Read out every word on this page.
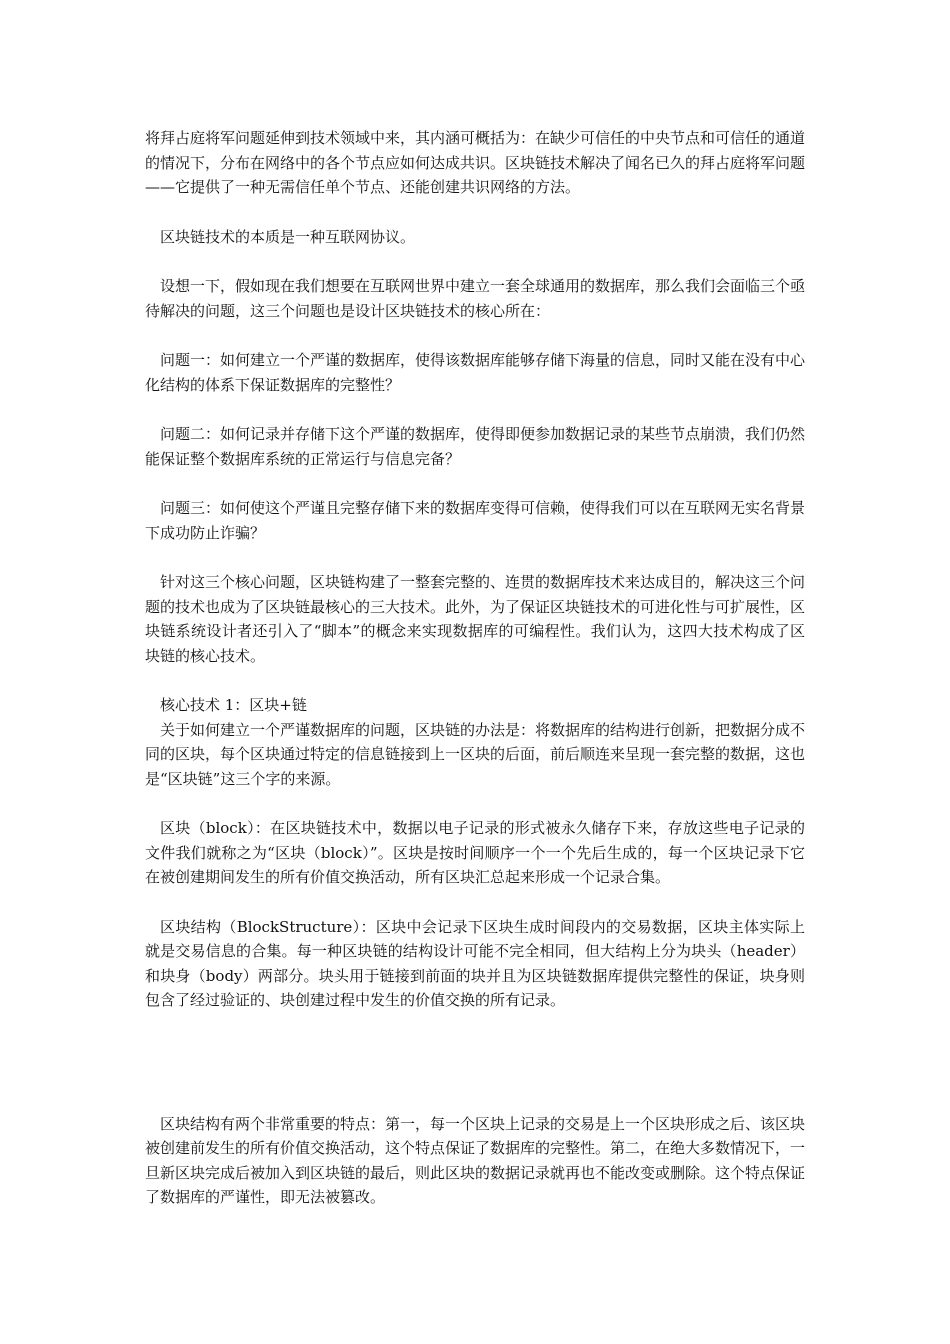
将拜占庭将军问题延伸到技术领域中来，其内涵可概括为：在缺少可信任的中央节点和可信任的通道的情况下，分布在网络中的各个节点应如何达成共识。区块链技术解决了闻名已久的拜占庭将军问题——它提供了一种无需信任单个节点、还能创建共识网络的方法。

区块链技术的本质是一种互联网协议。

设想一下，假如现在我们想要在互联网世界中建立一套全球通用的数据库，那么我们会面临三个亟待解决的问题，这三个问题也是设计区块链技术的核心所在：

问题一：如何建立一个严谨的数据库，使得该数据库能够存储下海量的信息，同时又能在没有中心化结构的体系下保证数据库的完整性？

问题二：如何记录并存储下这个严谨的数据库，使得即便参加数据记录的某些节点崩溃，我们仍然能保证整个数据库系统的正常运行与信息完备？

问题三：如何使这个严谨且完整存储下来的数据库变得可信赖，使得我们可以在互联网无实名背景下成功防止诈骗？

针对这三个核心问题，区块链构建了一整套完整的、连贯的数据库技术来达成目的，解决这三个问题的技术也成为了区块链最核心的三大技术。此外，为了保证区块链技术的可进化性与可扩展性，区块链系统设计者还引入了“脚本”的概念来实现数据库的可编程性。我们认为，这四大技术构成了区块链的核心技术。

核心技术 1：区块+链

关于如何建立一个严谨数据库的问题，区块链的办法是：将数据库的结构进行创新，把数据分成不同的区块，每个区块通过特定的信息链接到上一区块的后面，前后顺连来呈现一套完整的数据，这也是“区块链”这三个字的来源。

区块（block）：在区块链技术中，数据以电子记录的形式被永久储存下来，存放这些电子记录的文件我们就称之为“区块（block）”。区块是按时间顺序一个一个先后生成的，每一个区块记录下它在被创建期间发生的所有价值交换活动，所有区块汇总起来形成一个记录合集。

区块结构（BlockStructure）：区块中会记录下区块生成时间段内的交易数据，区块主体实际上就是交易信息的合集。每一种区块链的结构设计可能不完全相同，但大结构上分为块头（header）和块身（body）两部分。块头用于链接到前面的块并且为区块链数据库提供完整性的保证，块身则包含了经过验证的、块创建过程中发生的价值交换的所有记录。

区块结构有两个非常重要的特点：第一，每一个区块上记录的交易是上一个区块形成之后、该区块被创建前发生的所有价值交换活动，这个特点保证了数据库的完整性。第二，在绝大多数情况下，一旦新区块完成后被加入到区块链的最后，则此区块的数据记录就再也不能改变或删除。这个特点保证了数据库的严谨性，即无法被篡改。
